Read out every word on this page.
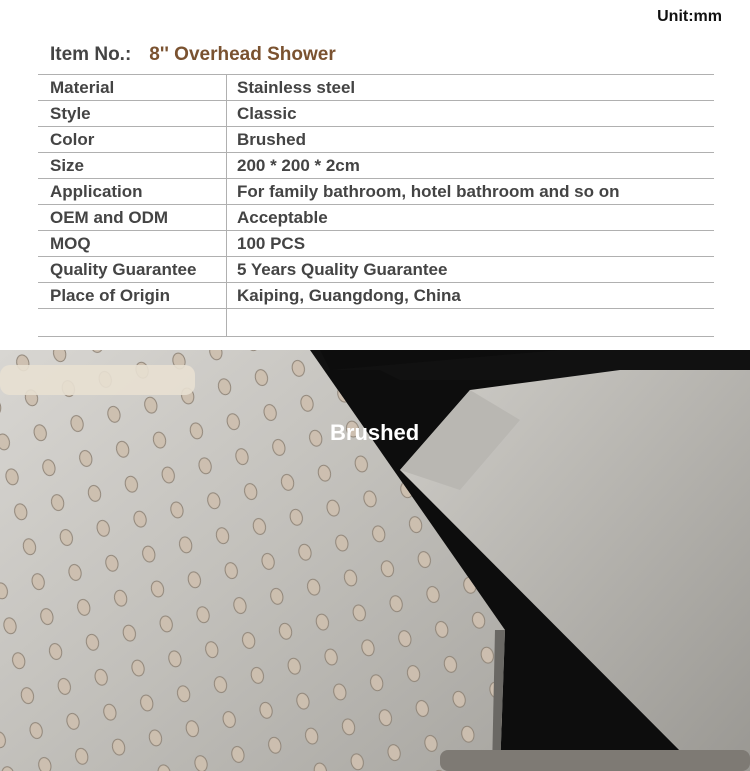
Unit:mm
Item No.: 8'' Overhead Shower
Material	Stainless steel
Style	Classic
Color	Brushed
Size	200 * 200 * 2cm
Application	For family bathroom, hotel bathroom and so on
OEM and ODM	Acceptable
MOQ	100 PCS
Quality Guarantee	5 Years Quality Guarantee
Place of Origin	Kaiping, Guangdong, China
Brushed
